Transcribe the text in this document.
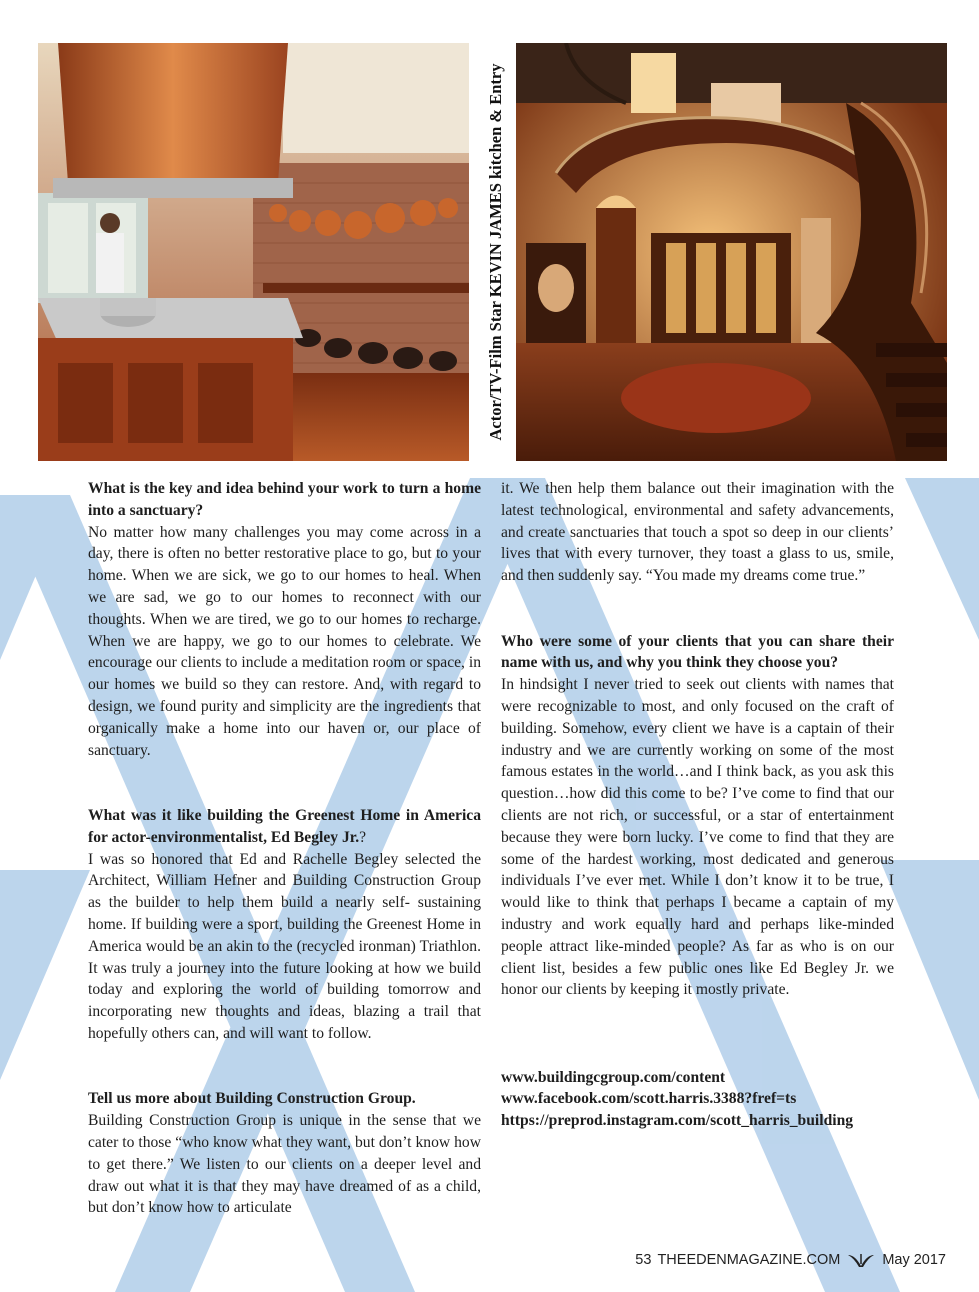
Actor/TV-Film Star KEVIN JAMES kitchen & Entry
What is the key and idea behind your work to turn a home into a sanctuary?

No matter how many challenges you may come across in a day, there is often no better restorative place to go, but to your home. When we are sick, we go to our homes to heal. When we are sad, we go to our homes to reconnect with our thoughts. When we are tired, we go to our homes to recharge. When we are happy, we go to our homes to celebrate. We encourage our clients to include a meditation room or space, in our homes we build so they can restore. And, with regard to design, we found purity and simplicity are the ingredients that organically make a home into our haven or, our place of sanctuary.

What was it like building the Greenest Home in America for actor-environmentalist, Ed Begley Jr.?

I was so honored that Ed and Rachelle Begley selected the Architect, William Hefner and Building Construction Group as the builder to help them build a nearly self- sustaining home. If building were a sport, building the Greenest Home in America would be an akin to the (recycled ironman) Triathlon. It was truly a journey into the future looking at how we build today and exploring the world of building tomorrow and incorporating new thoughts and ideas, blazing a trail that hopefully others can, and will want to follow.

Tell us more about Building Construction Group.

Building Construction Group is unique in the sense that we cater to those “who know what they want, but don’t know how to get there.” We listen to our clients on a deeper level and draw out what it is that they may have dreamed of as a child, but don’t know how to articulate

it. We then help them balance out their imagination with the latest technological, environmental and safety advancements, and create sanctuaries that touch a spot so deep in our clients’ lives that with every turnover, they toast a glass to us, smile, and then suddenly say. “You made my dreams come true.”

Who were some of your clients that you can share their name with us, and why you think they choose you?

In hindsight I never tried to seek out clients with names that were recognizable to most, and only focused on the craft of building. Somehow, every client we have is a captain of their industry and we are currently working on some of the most famous estates in the world…and I think back, as you ask this question…how did this come to be? I’ve come to find that our clients are not rich, or successful, or a star of entertainment because they were born lucky. I’ve come to find that they are some of the hardest working, most dedicated and generous individuals I’ve ever met. While I don’t know it to be true, I would like to think that perhaps I became a captain of my industry and work equally hard and perhaps like-minded people attract like-minded people? As far as who is on our client list, besides a few public ones like Ed Begley Jr. we honor our clients by keeping it mostly private.

www.buildingcgroup.com/content
www.facebook.com/scott.harris.3388?fref=ts
https://preprod.instagram.com/scott_harris_building
53 THEEDENMAGAZINE.COM	May 2017
